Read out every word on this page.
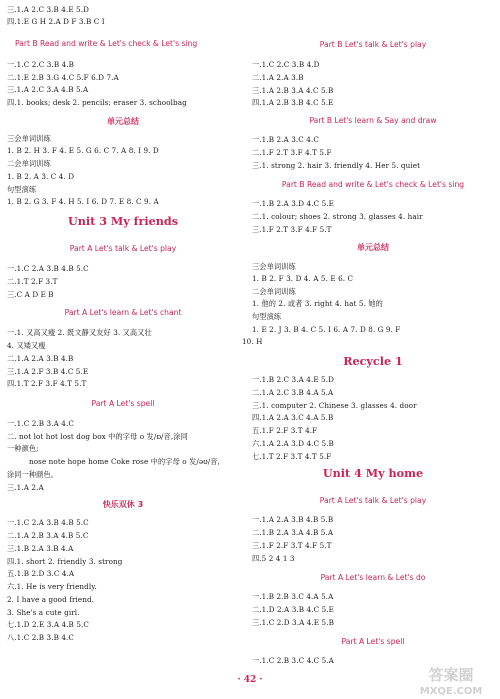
三.1.A 2.C 3.B 4.E 5.D
四.1.E G H 2.A D F 3.B C I
Part B Read and write & Let's check & Let's sing
一.1.C 2.C 3.B 4.B
二.1.E 2.B 3.G 4.C 5.F 6.D 7.A
三.1.A 2.C 3.A 4.B 5.A
四.1. books; desk 2. pencils; eraser 3. schoolbag
单元总结
三会单词训练
1. B 2. H 3. F 4. E 5. G 6. C 7. A 8. I 9. D
二会单词训练
1. B 2. A 3. C 4. D
句型演练
1. B 2. G 3. F 4. H 5. I 6. D 7. E 8. C 9. A
Unit 3 My friends
Part A Let's talk & Let's play
一.1.C 2.A 3.B 4.B 5.C
二.1.T 2.F 3.T
三.C A D E B
Part A Let's learn & Let's chant
一.1. 又高又瘦 2. 既文静又友好 3. 又高又壮
4. 又矮又瘦
二.1.A 2.A 3.B 4.B
三.1.A 2.F 3.B 4.C 5.E
四.1.T 2.F 3.F 4.T 5.T
Part A Let's spell
一.1.C 2.B 3.A 4.C
二. not lot hot lost dog box 中的字母 o 发/ɒ/音,涂同
一种颜色;
nose note hope home Coke rose 中的字母 o 发/əʊ/音,
涂同一种颜色。
三.1.A 2.A
快乐双休 3
一.1.C 2.A 3.B 4.B 5.C
二.1.A 2.B 3.A 4.B 5.C
三.1.B 2.A 3.B 4.A
四.1. short 2. friendly 3. strong
五.1.B 2.D 3.C 4.A
六.1. He is very friendly.
2. I have a good friend.
3. She's a cute girl.
七.1.D 2.E 3.A 4.B 5.C
八.1.C 2.B 3.B 4.C
Part B Let's talk & Let's play
一.1.C 2.C 3.B 4.D
二.1.A 2.A 3.B
三.1.A 2.B 3.A 4.C 5.B
四.1.A 2.B 3.B 4.C 5.E
Part B Let's learn & Say and draw
一.1.B 2.A 3.C 4.C
二.1.F 2.T 3.F 4.T 5.F
三.1. strong 2. hair 3. friendly 4. Her 5. quiet
Part B Read and write & Let's check & Let's sing
一.1.B 2.A 3.D 4.C 5.E
二.1. colour; shoes 2. strong 3. glasses 4. hair
三.1.F 2.T 3.F 4.F 5.T
单元总结
三会单词训练
1. B 2. F 3. D 4. A 5. E 6. C
二会单词训练
1. 他的 2. 或者 3. right 4. hat 5. 她的
句型演练
1. E 2. J 3. B 4. C 5. I 6. A 7. D 8. G 9. F
10. H
Recycle 1
一.1.B 2.C 3.A 4.E 5.D
二.1.A 2.C 3.B 4.A 5.A
三.1. computer 2. Chinese 3. glasses 4. door
四.1.A 2.A 3.C 4.A 5.B
五.1.F 2.F 3.T 4.F
六.1.A 2.A 3.D 4.C 5.B
七.1.T 2.F 3.T 4.T 5.F
Unit 4 My home
Part A Let's talk & Let's play
一.1.A 2.A 3.B 4.B 5.B
二.1.B 2.A 3.A 4.B 5.A
三.1.F 2.F 3.T 4.F 5.T
四.5 2 4 1 3
Part A Let's learn & Let's do
一.1.B 2.B 3.C 4.A 5.A
二.1.D 2.A 3.B 4.C 5.E
三.1.C 2.D 3.A 4.E 5.B
Part A Let's spell
一.1.C 2.B 3.C 4.C 5.A
· 42 ·	答案圈
MXQE.COM
